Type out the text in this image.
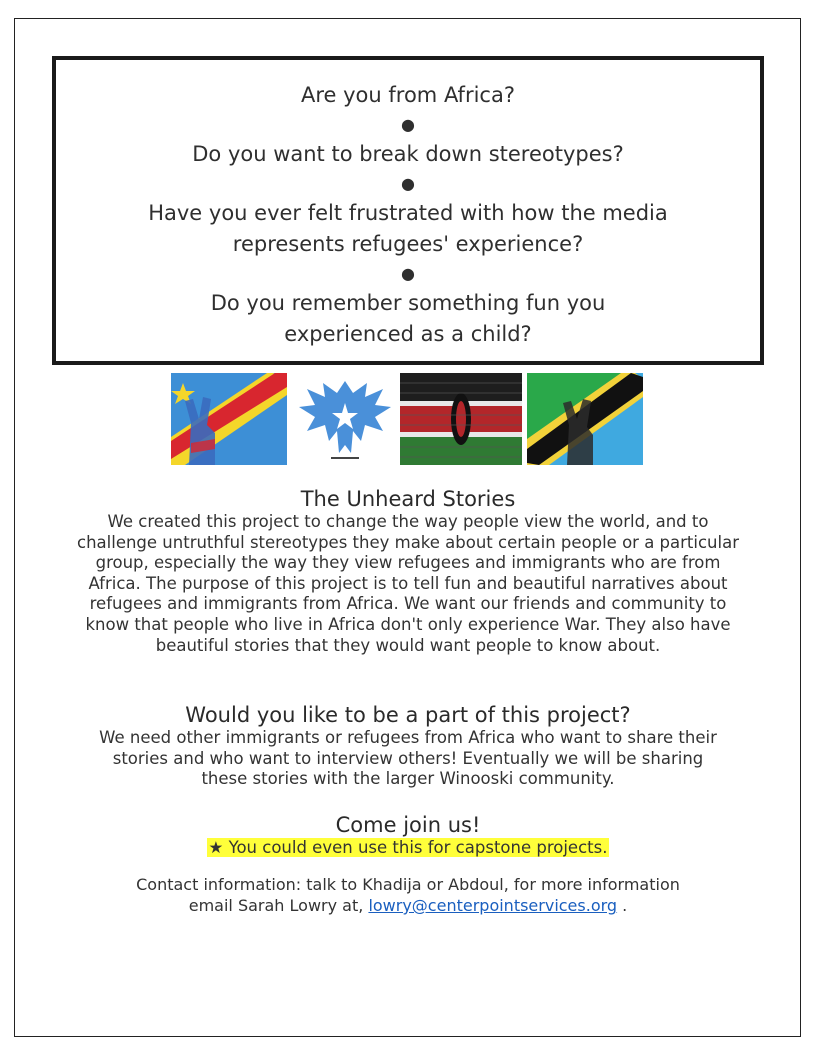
Are you from Africa?
●
Do you want to break down stereotypes?
●
Have you ever felt frustrated with how the media represents refugees' experience?
●
Do you remember something fun you experienced as a child?
The Unheard Stories
We created this project to change the way people view the world, and to challenge untruthful stereotypes they make about certain people or a particular group, especially the way they view refugees and immigrants who are from Africa. The purpose of this project is to tell fun and beautiful narratives about refugees and immigrants from Africa. We want our friends and community to know that people who live in Africa don't only experience War. They also have beautiful stories that they would want people to know about.
Would you like to be a part of this project?
We need other immigrants or refugees from Africa who want to share their stories and who want to interview others! Eventually we will be sharing these stories with the larger Winooski community.
Come join us!
★ You could even use this for capstone projects.
Contact information: talk to Khadija or Abdoul, for more information
email Sarah Lowry at, lowry@centerpointservices.org .
